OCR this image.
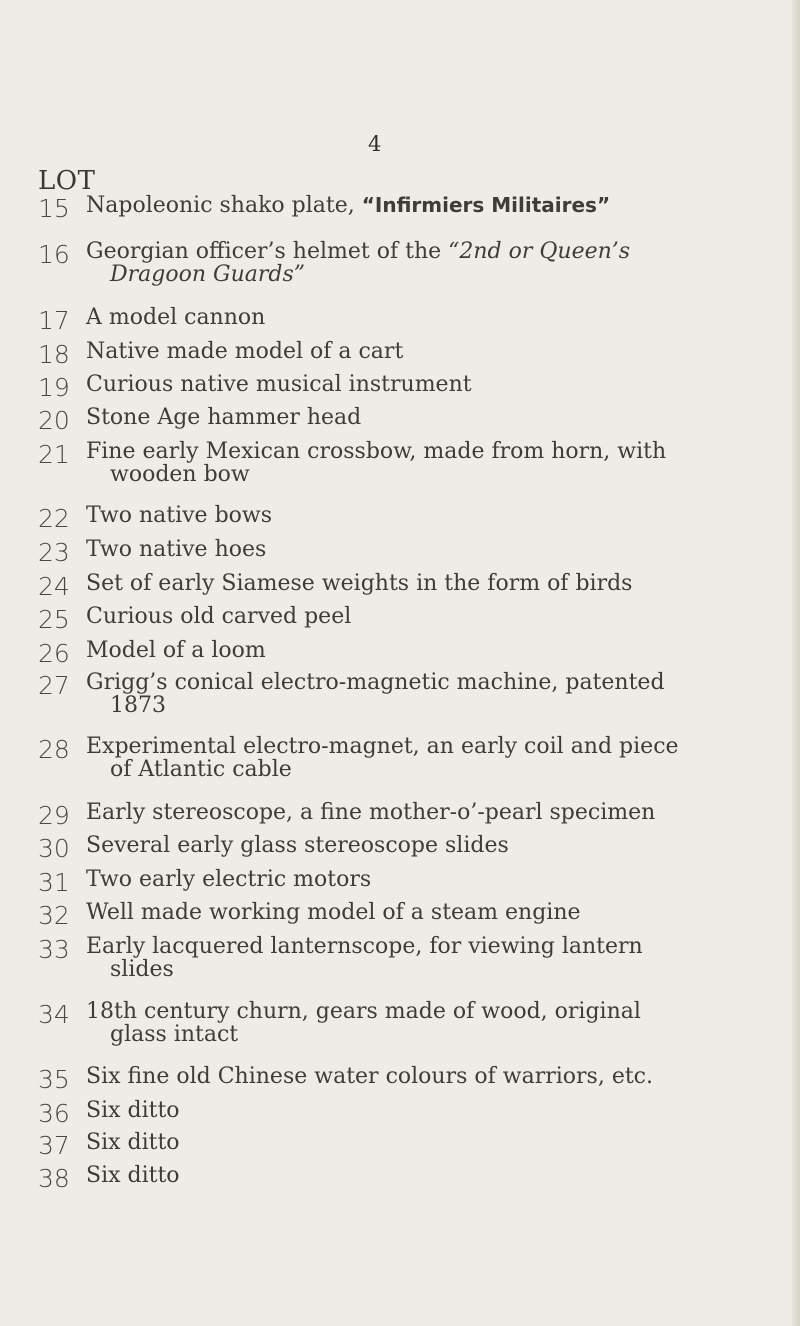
4
LOT
15 Napoleonic shako plate, “Infirmiers Militaires”
16 Georgian officer’s helmet of the “2nd or Queen’s
Dragoon Guards”
17 A model cannon
18 Native made model of a cart
19 Curious native musical instrument
20 Stone Age hammer head
21 Fine early Mexican crossbow, made from horn, with
wooden bow
22 Two native bows
23 Two native hoes
24 Set of early Siamese weights in the form of birds
25 Curious old carved peel
26 Model of a loom
27 Grigg’s conical electro-magnetic machine, patented
1873
28 Experimental electro-magnet, an early coil and piece
of Atlantic cable
29 Early stereoscope, a fine mother-o’-pearl specimen
30 Several early glass stereoscope slides
31 Two early electric motors
32 Well made working model of a steam engine
33 Early lacquered lanternscope, for viewing lantern
slides
34 18th century churn, gears made of wood, original
glass intact
35 Six fine old Chinese water colours of warriors, etc.
36 Six ditto
37 Six ditto
38 Six ditto
